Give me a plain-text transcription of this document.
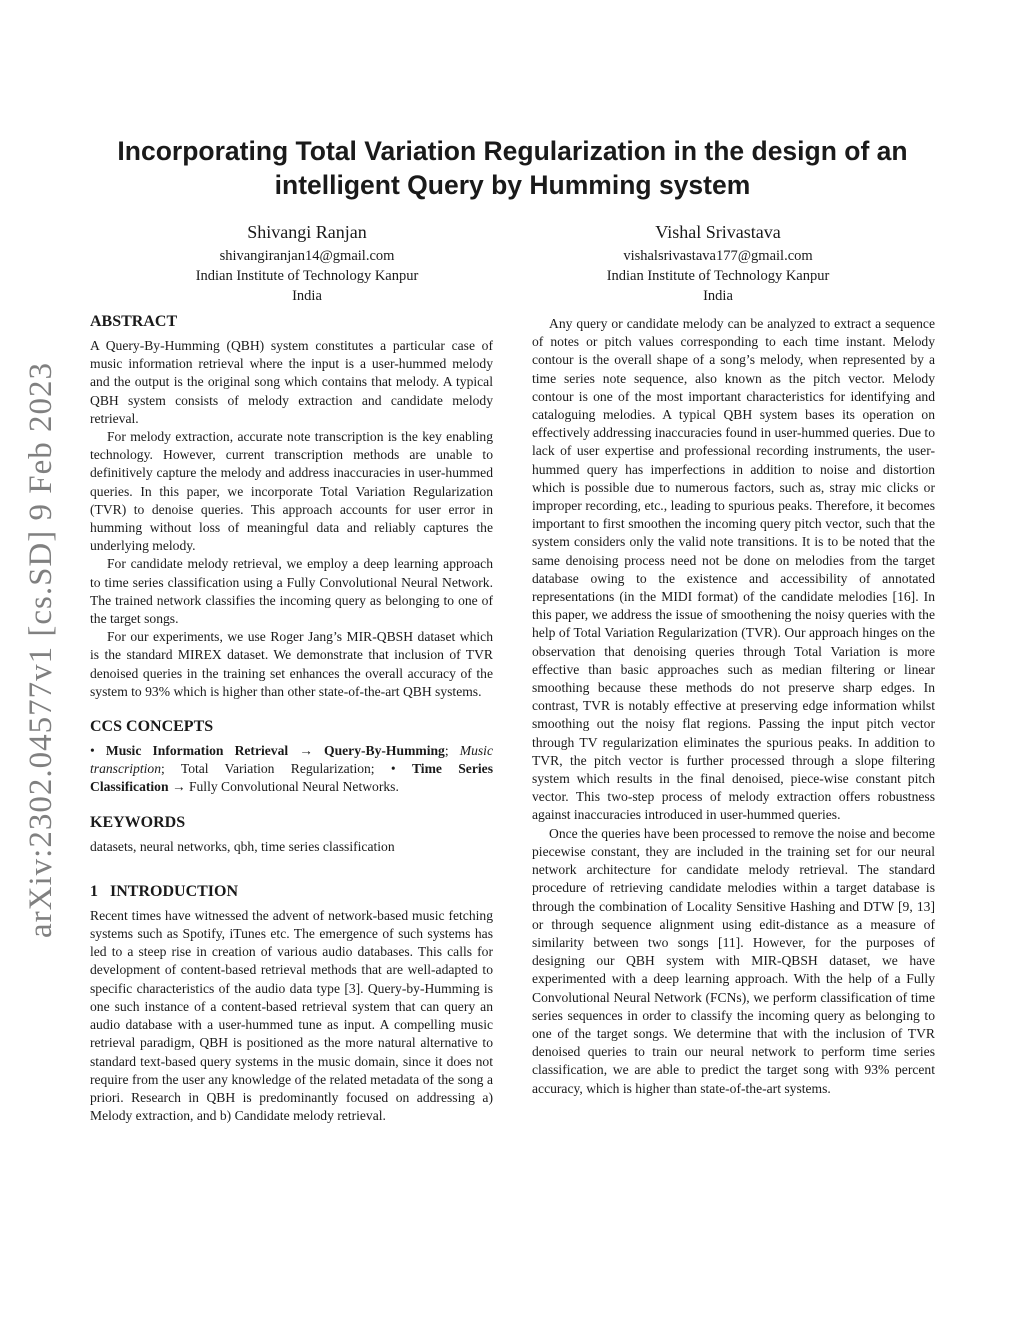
arXiv:2302.04577v1 [cs.SD] 9 Feb 2023
Incorporating Total Variation Regularization in the design of an intelligent Query by Humming system
Shivangi Ranjan
shivangiranjan14@gmail.com
Indian Institute of Technology Kanpur
India
Vishal Srivastava
vishalsrivastava177@gmail.com
Indian Institute of Technology Kanpur
India
ABSTRACT

A Query-By-Humming (QBH) system constitutes a particular case of music information retrieval where the input is a user-hummed melody and the output is the original song which contains that melody. A typical QBH system consists of melody extraction and candidate melody retrieval.

For melody extraction, accurate note transcription is the key enabling technology. However, current transcription methods are unable to definitively capture the melody and address inaccuracies in user-hummed queries. In this paper, we incorporate Total Variation Regularization (TVR) to denoise queries. This approach accounts for user error in humming without loss of meaningful data and reliably captures the underlying melody.

For candidate melody retrieval, we employ a deep learning approach to time series classification using a Fully Convolutional Neural Network. The trained network classifies the incoming query as belonging to one of the target songs.

For our experiments, we use Roger Jang’s MIR-QBSH dataset which is the standard MIREX dataset. We demonstrate that inclusion of TVR denoised queries in the training set enhances the overall accuracy of the system to 93% which is higher than other state-of-the-art QBH systems.

CCS CONCEPTS

• Music Information Retrieval → Query-By-Humming; Music transcription; Total Variation Regularization; • Time Series Classification → Fully Convolutional Neural Networks.

KEYWORDS

datasets, neural networks, qbh, time series classification

1   INTRODUCTION

Recent times have witnessed the advent of network-based music fetching systems such as Spotify, iTunes etc. The emergence of such systems has led to a steep rise in creation of various audio databases. This calls for development of content-based retrieval methods that are well-adapted to specific characteristics of the audio data type [3]. Query-by-Humming is one such instance of a content-based retrieval system that can query an audio database with a user-hummed tune as input. A compelling music retrieval paradigm, QBH is positioned as the more natural alternative to standard text-based query systems in the music domain, since it does not require from the user any knowledge of the related metadata of the song a priori. Research in QBH is predominantly focused on addressing a) Melody extraction, and b) Candidate melody retrieval.

Any query or candidate melody can be analyzed to extract a sequence of notes or pitch values corresponding to each time instant. Melody contour is the overall shape of a song’s melody, when represented by a time series note sequence, also known as the pitch vector. Melody contour is one of the most important characteristics for identifying and cataloguing melodies. A typical QBH system bases its operation on effectively addressing inaccuracies found in user-hummed queries. Due to lack of user expertise and professional recording instruments, the user-hummed query has imperfections in addition to noise and distortion which is possible due to numerous factors, such as, stray mic clicks or improper recording, etc., leading to spurious peaks. Therefore, it becomes important to first smoothen the incoming query pitch vector, such that the system considers only the valid note transitions. It is to be noted that the same denoising process need not be done on melodies from the target database owing to the existence and accessibility of annotated representations (in the MIDI format) of the candidate melodies [16]. In this paper, we address the issue of smoothening the noisy queries with the help of Total Variation Regularization (TVR). Our approach hinges on the observation that denoising queries through Total Variation is more effective than basic approaches such as median filtering or linear smoothing because these methods do not preserve sharp edges. In contrast, TVR is notably effective at preserving edge information whilst smoothing out the noisy flat regions. Passing the input pitch vector through TV regularization eliminates the spurious peaks. In addition to TVR, the pitch vector is further processed through a slope filtering system which results in the final denoised, piece-wise constant pitch vector. This two-step process of melody extraction offers robustness against inaccuracies introduced in user-hummed queries.

Once the queries have been processed to remove the noise and become piecewise constant, they are included in the training set for our neural network architecture for candidate melody retrieval. The standard procedure of retrieving candidate melodies within a target database is through the combination of Locality Sensitive Hashing and DTW [9, 13] or through sequence alignment using edit-distance as a measure of similarity between two songs [11]. However, for the purposes of designing our QBH system with MIR-QBSH dataset, we have experimented with a deep learning approach. With the help of a Fully Convolutional Neural Network (FCNs), we perform classification of time series sequences in order to classify the incoming query as belonging to one of the target songs. We determine that with the inclusion of TVR denoised queries to train our neural network to perform time series classification, we are able to predict the target song with 93% percent accuracy, which is higher than state-of-the-art systems.
